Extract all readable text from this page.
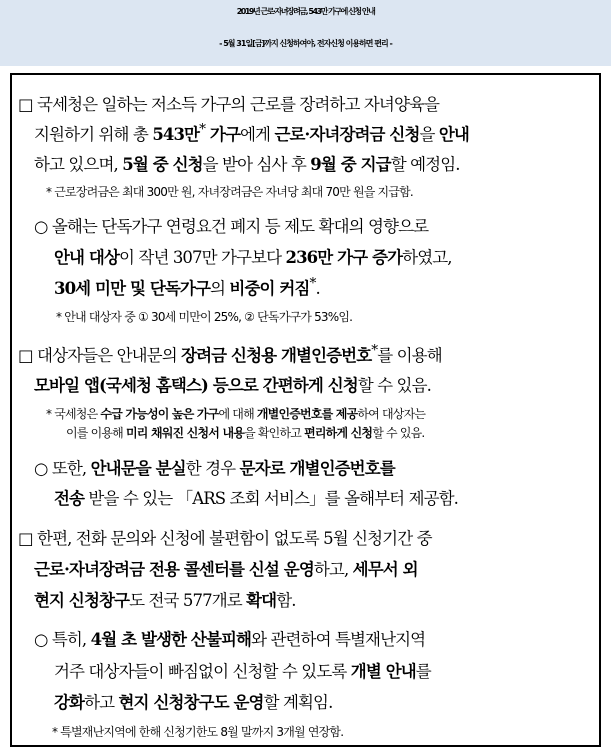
2019년 근로·자녀장려금, 543만 가구에 신청 안내
- 5월 31일[금]까지 신청하여야, 전자신청 이용하면 편리 -
□ 국세청은 일하는 저소득 가구의 근로를 장려하고 자녀양육을
지원하기 위해 총 543만* 가구에게 근로·자녀장려금 신청을 안내
하고 있으며, 5월 중 신청을 받아 심사 후 9월 중 지급할 예정임.
* 근로장려금은 최대 300만 원, 자녀장려금은 자녀당 최대 70만 원을 지급함.
○ 올해는 단독가구 연령요건 폐지 등 제도 확대의 영향으로
안내 대상이 작년 307만 가구보다 236만 가구 증가하였고,
30세 미만 및 단독가구의 비중이 커짐*.
* 안내 대상자 중 ① 30세 미만이 25%, ② 단독가구가 53%임.
□ 대상자들은 안내문의 장려금 신청용 개별인증번호*를 이용해
모바일 앱(국세청 홈택스) 등으로 간편하게 신청할 수 있음.
* 국세청은 수급 가능성이 높은 가구에 대해 개별인증번호를 제공하여 대상자는
이를 이용해 미리 채워진 신청서 내용을 확인하고 편리하게 신청할 수 있음.
○ 또한, 안내문을 분실한 경우 문자로 개별인증번호를
전송 받을 수 있는 「ARS 조회 서비스」를 올해부터 제공함.
□ 한편, 전화 문의와 신청에 불편함이 없도록 5월 신청기간 중
근로·자녀장려금 전용 콜센터를 신설 운영하고, 세무서 외
현지 신청창구도 전국 577개로 확대함.
○ 특히, 4월 초 발생한 산불피해와 관련하여 특별재난지역
거주 대상자들이 빠짐없이 신청할 수 있도록 개별 안내를
강화하고 현지 신청창구도 운영할 계획임.
* 특별재난지역에 한해 신청기한도 8월 말까지 3개월 연장함.
